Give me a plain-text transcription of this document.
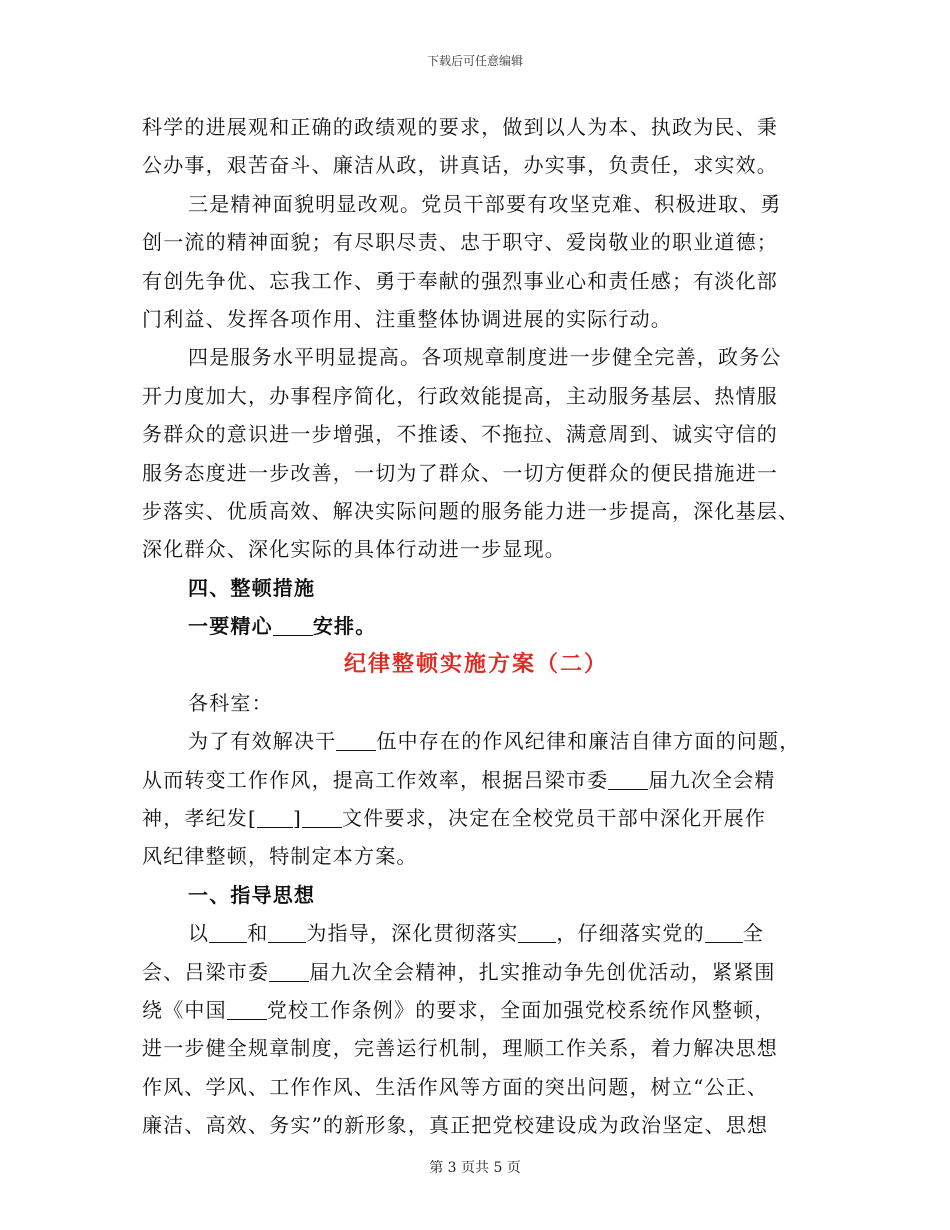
下载后可任意编辑
科学的进展观和正确的政绩观的要求，做到以人为本、执政为民、秉
公办事，艰苦奋斗、廉洁从政，讲真话，办实事，负责任，求实效。
三是精神面貌明显改观。党员干部要有攻坚克难、积极进取、勇
创一流的精神面貌；有尽职尽责、忠于职守、爱岗敬业的职业道德；
有创先争优、忘我工作、勇于奉献的强烈事业心和责任感；有淡化部
门利益、发挥各项作用、注重整体协调进展的实际行动。
四是服务水平明显提高。各项规章制度进一步健全完善，政务公
开力度加大，办事程序简化，行政效能提高，主动服务基层、热情服
务群众的意识进一步增强，不推诿、不拖拉、满意周到、诚实守信的
服务态度进一步改善，一切为了群众、一切方便群众的便民措施进一
步落实、优质高效、解决实际问题的服务能力进一步提高，深化基层、
深化群众、深化实际的具体行动进一步显现。
四、整顿措施
一要精心 安排。
纪律整顿实施方案（二）
各科室：
为了有效解决干 伍中存在的作风纪律和廉洁自律方面的问题，
从而转变工作作风，提高工作效率，根据吕梁市委 届九次全会精
神，孝纪发[ ] 文件要求，决定在全校党员干部中深化开展作
风纪律整顿，特制定本方案。
一、指导思想
以 和 为指导，深化贯彻落实 ，仔细落实党的 全
会、吕梁市委 届九次全会精神，扎实推动争先创优活动，紧紧围
绕《中国 党校工作条例》的要求，全面加强党校系统作风整顿，
进一步健全规章制度，完善运行机制，理顺工作关系，着力解决思想
作风、学风、工作作风、生活作风等方面的突出问题，树立“公正、
廉洁、高效、务实”的新形象，真正把党校建设成为政治坚定、思想
第 3 页共 5 页
